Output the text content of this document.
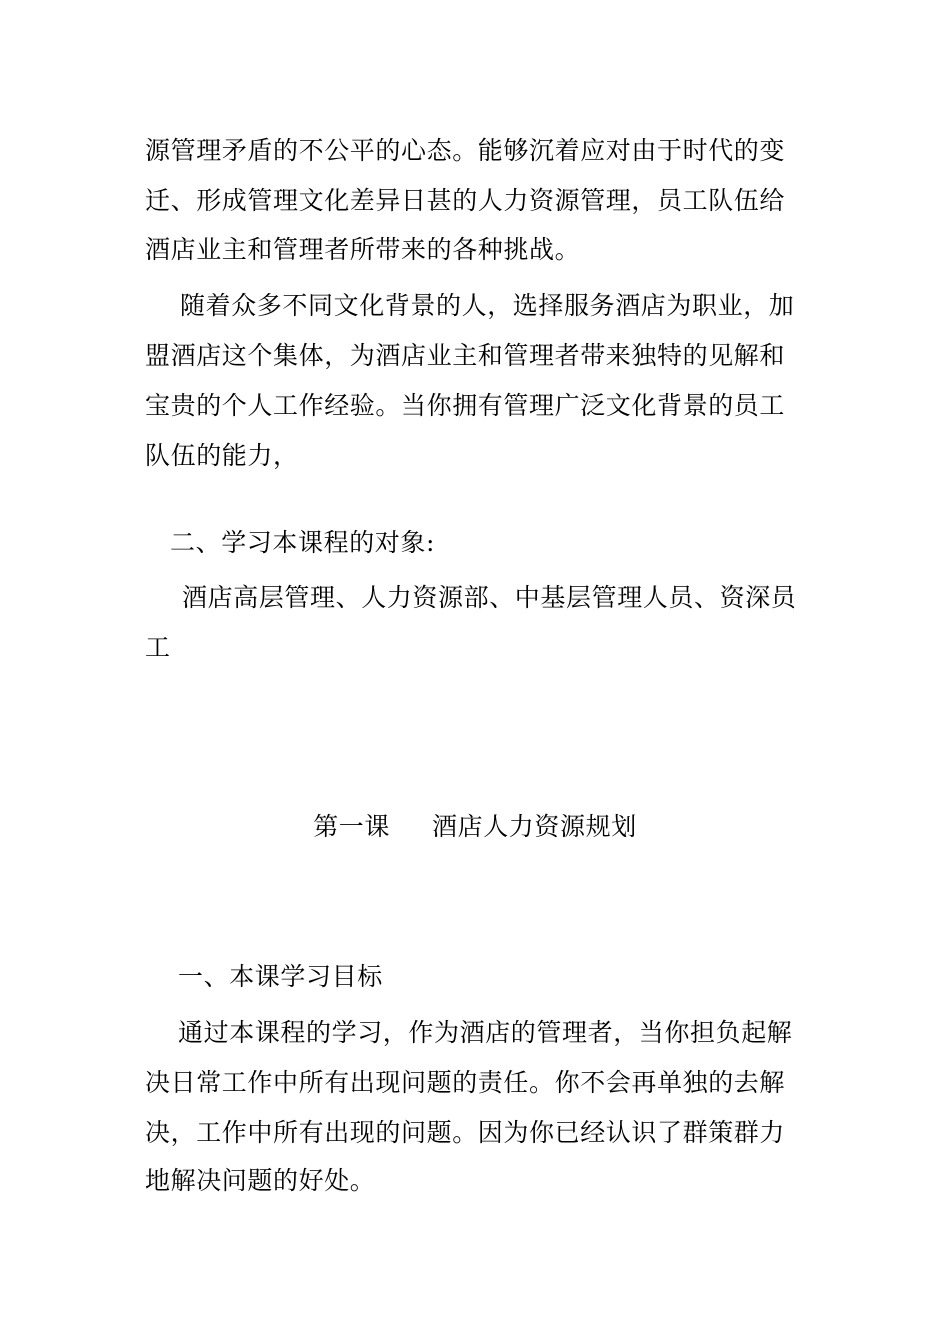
源管理矛盾的不公平的心态。能够沉着应对由于时代的变
迁、形成管理文化差异日甚的人力资源管理，员工队伍给
酒店业主和管理者所带来的各种挑战。
随着众多不同文化背景的人，选择服务酒店为职业，加
盟酒店这个集体，为酒店业主和管理者带来独特的见解和
宝贵的个人工作经验。当你拥有管理广泛文化背景的员工
队伍的能力，
二、学习本课程的对象:
酒店高层管理、人力资源部、中基层管理人员、资深员
工
第一课 酒店人力资源规划
一、本课学习目标
通过本课程的学习，作为酒店的管理者，当你担负起解
决日常工作中所有出现问题的责任。你不会再单独的去解
决，工作中所有出现的问题。因为你已经认识了群策群力
地解决问题的好处。
